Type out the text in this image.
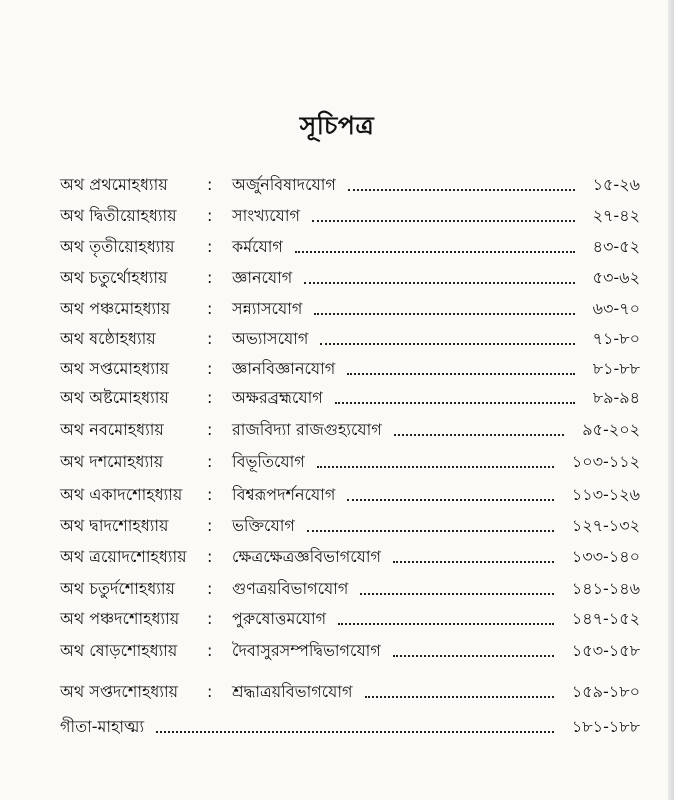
সূচিপত্র
অথ প্রথমোহধ্যায় : অর্জুনবিষাদযোগ	১৫-২৬
অথ দ্বিতীয়োহধ্যায় : সাংখ্যযোগ	২৭-৪২
অথ তৃতীয়োহধ্যায় : কর্মযোগ	৪৩-৫২
অথ চতুর্থোহধ্যায় : জ্ঞানযোগ	৫৩-৬২
অথ পঞ্চমোহধ্যায় : সন্ন্যাসযোগ	৬৩-৭০
অথ ষষ্ঠোহধ্যায়	: অভ্যাসযোগ	৭১-৮০
অথ সপ্তমোহধ্যায় : জ্ঞানবিজ্ঞানযোগ	৮১-৮৮
অথ অষ্টমোহধ্যায় : অক্ষরব্রহ্মযোগ	৮৯-৯৪
অথ নবমোহধ্যায়	: রাজবিদ্যা রাজগুহ্যযোগ	৯৫-২০২
অথ দশমোহধ্যায়	: বিভূতিযোগ	১০৩-১১২
অথ একাদশোহধ্যায় : বিশ্বরূপদর্শনযোগ	১১৩-১২৬
অথ দ্বাদশোহধ্যায় : ভক্তিযোগ	১২৭-১৩২
অথ ত্রয়োদশোহধ্যায় : ক্ষেত্রক্ষেত্রজ্ঞবিভাগযোগ	১৩৩-১৪০
অথ চতুর্দশোহধ্যায় : গুণত্রয়বিভাগযোগ	১৪১-১৪৬
অথ পঞ্চদশোহধ্যায় : পুরুষোত্তমযোগ	১৪৭-১৫২
অথ ষোড়শোহধ্যায় : দৈবাসুরসম্পদ্বিভাগযোগ	১৫৩-১৫৮
অথ সপ্তদশোহধ্যায় : শ্রদ্ধাত্রয়বিভাগযোগ	১৫৯-১৮০
গীতা-মাহাত্ম্য	১৮১-১৮৮
